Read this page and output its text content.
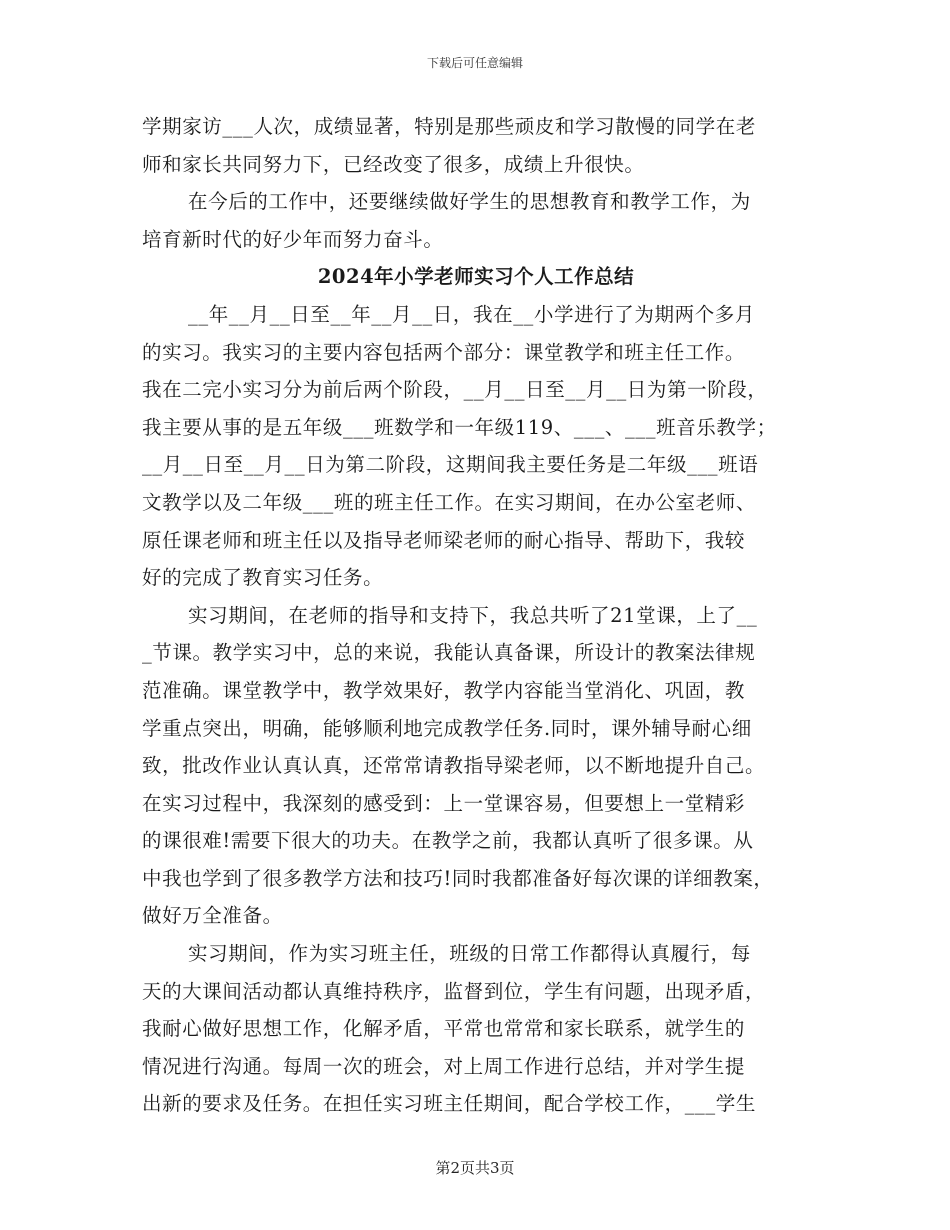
下载后可任意编辑
学期家访___人次，成绩显著，特别是那些顽皮和学习散慢的同学在老
师和家长共同努力下，已经改变了很多，成绩上升很快。
在今后的工作中，还要继续做好学生的思想教育和教学工作，为
培育新时代的好少年而努力奋斗。
2024年小学老师实习个人工作总结
__年__月__日至__年__月__日，我在__小学进行了为期两个多月
的实习。我实习的主要内容包括两个部分：课堂教学和班主任工作。
我在二完小实习分为前后两个阶段，__月__日至__月__日为第一阶段，
我主要从事的是五年级___班数学和一年级119、___、___班音乐教学；
__月__日至__月__日为第二阶段，这期间我主要任务是二年级___班语
文教学以及二年级___班的班主任工作。在实习期间，在办公室老师、
原任课老师和班主任以及指导老师梁老师的耐心指导、帮助下，我较
好的完成了教育实习任务。
实习期间，在老师的指导和支持下，我总共听了21堂课，上了__
_节课。教学实习中，总的来说，我能认真备课，所设计的教案法律规
范准确。课堂教学中，教学效果好，教学内容能当堂消化、巩固，教
学重点突出，明确，能够顺利地完成教学任务.同时，课外辅导耐心细
致，批改作业认真认真，还常常请教指导梁老师，以不断地提升自己。
在实习过程中，我深刻的感受到：上一堂课容易，但要想上一堂精彩
的课很难!需要下很大的功夫。在教学之前，我都认真听了很多课。从
中我也学到了很多教学方法和技巧!同时我都准备好每次课的详细教案，
做好万全准备。
实习期间，作为实习班主任，班级的日常工作都得认真履行，每
天的大课间活动都认真维持秩序，监督到位，学生有问题，出现矛盾，
我耐心做好思想工作，化解矛盾，平常也常常和家长联系，就学生的
情况进行沟通。每周一次的班会，对上周工作进行总结，并对学生提
出新的要求及任务。在担任实习班主任期间，配合学校工作，___学生
第2页共3页
